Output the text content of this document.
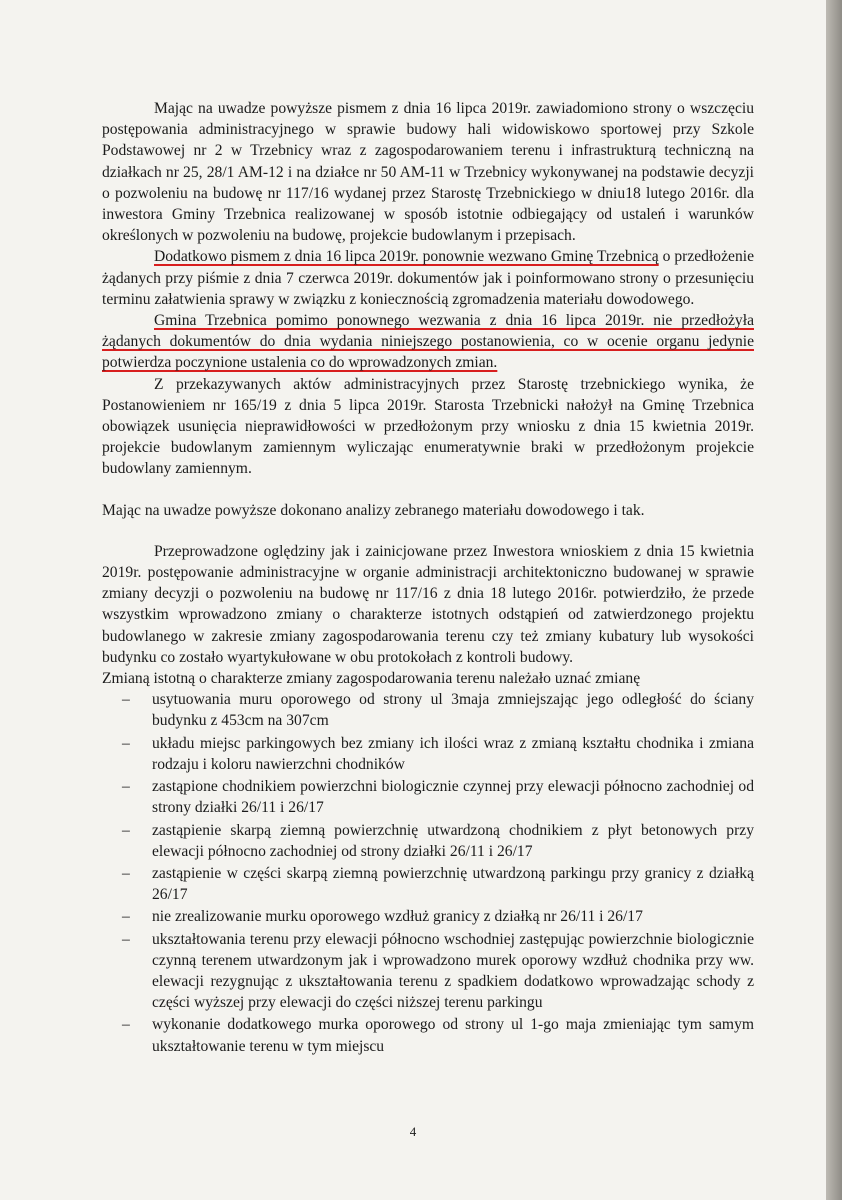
Mając na uwadze powyższe pismem z dnia 16 lipca 2019r. zawiadomiono strony o wszczęciu postępowania administracyjnego w sprawie budowy hali widowiskowo sportowej przy Szkole Podstawowej nr 2 w Trzebnicy wraz z zagospodarowaniem terenu i infrastrukturą techniczną na działkach nr 25, 28/1 AM-12 i na działce nr 50 AM-11 w Trzebnicy wykonywanej na podstawie decyzji o pozwoleniu na budowę nr 117/16 wydanej przez Starostę Trzebnickiego w dniu18 lutego 2016r. dla inwestora Gminy Trzebnica realizowanej w sposób istotnie odbiegający od ustaleń i warunków określonych w pozwoleniu na budowę, projekcie budowlanym i przepisach.

Dodatkowo pismem z dnia 16 lipca 2019r. ponownie wezwano Gminę Trzebnicą o przedłożenie żądanych przy piśmie z dnia 7 czerwca 2019r. dokumentów jak i poinformowano strony o przesunięciu terminu załatwienia sprawy w związku z koniecznością zgromadzenia materiału dowodowego.

Gmina Trzebnica pomimo ponownego wezwania z dnia 16 lipca 2019r. nie przedłożyła żądanych dokumentów do dnia wydania niniejszego postanowienia, co w ocenie organu jedynie potwierdza poczynione ustalenia co do wprowadzonych zmian.

Z przekazywanych aktów administracyjnych przez Starostę trzebnickiego wynika, że Postanowieniem nr 165/19 z dnia 5 lipca 2019r. Starosta Trzebnicki nałożył na Gminę Trzebnica obowiązek usunięcia nieprawidłowości w przedłożonym przy wniosku z dnia 15 kwietnia 2019r. projekcie budowlanym zamiennym wyliczając enumeratywnie braki w przedłożonym projekcie budowlany zamiennym.

Mając na uwadze powyższe dokonano analizy zebranego materiału dowodowego i tak.

Przeprowadzone oględziny jak i zainicjowane przez Inwestora wnioskiem z dnia 15 kwietnia 2019r. postępowanie administracyjne w organie administracji architektoniczno budowanej w sprawie zmiany decyzji o pozwoleniu na budowę nr 117/16 z dnia 18 lutego 2016r. potwierdziło, że przede wszystkim wprowadzono zmiany o charakterze istotnych odstąpień od zatwierdzonego projektu budowlanego w zakresie zmiany zagospodarowania terenu czy też zmiany kubatury lub wysokości budynku co zostało wyartykułowane w obu protokołach z kontroli budowy.

Zmianą istotną o charakterze zmiany zagospodarowania terenu należało uznać zmianę

– usytuowania muru oporowego od strony ul 3maja zmniejszając jego odległość do ściany budynku z 453cm na 307cm
– układu miejsc parkingowych bez zmiany ich ilości wraz z zmianą kształtu chodnika i zmiana rodzaju i koloru nawierzchni chodników
– zastąpione chodnikiem powierzchni biologicznie czynnej przy elewacji północno zachodniej od strony działki 26/11 i 26/17
– zastąpienie skarpą ziemną powierzchnię utwardzoną chodnikiem z płyt betonowych przy elewacji północno zachodniej od strony działki 26/11 i 26/17
– zastąpienie w części skarpą ziemną powierzchnię utwardzoną parkingu przy granicy z działką 26/17
– nie zrealizowanie murku oporowego wzdłuż granicy z działką nr 26/11 i 26/17
– ukształtowania terenu przy elewacji północno wschodniej zastępując powierzchnie biologicznie czynną terenem utwardzonym jak i wprowadzono murek oporowy wzdłuż chodnika przy ww. elewacji rezygnując z ukształtowania terenu z spadkiem dodatkowo wprowadzając schody z części wyższej przy elewacji do części niższej terenu parkingu
– wykonanie dodatkowego murka oporowego od strony ul 1-go maja zmieniając tym samym ukształtowanie terenu w tym miejscu
4
